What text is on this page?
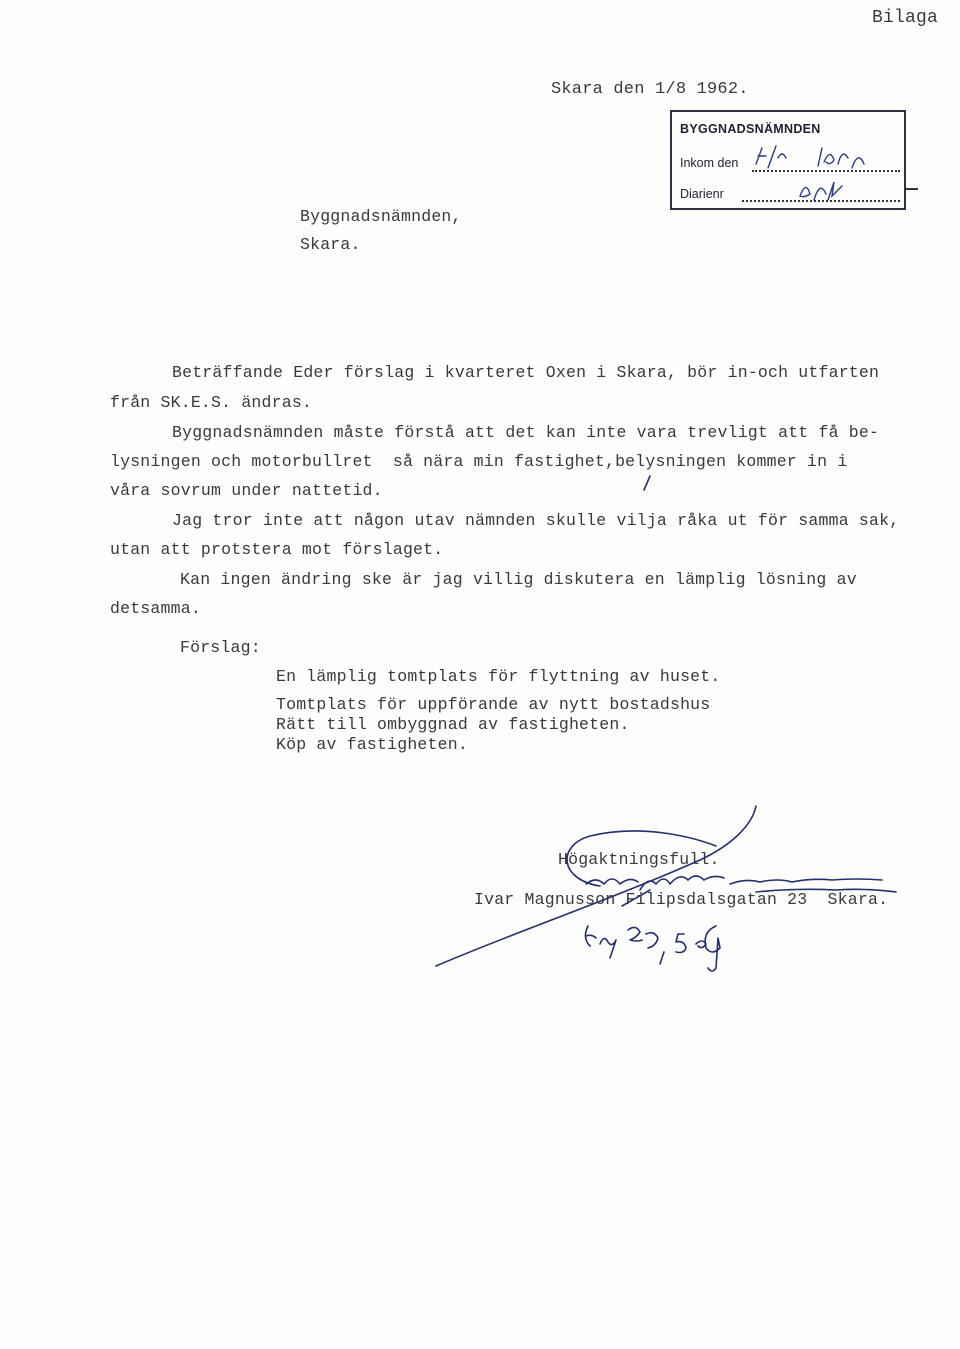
Bilaga
Skara den 1/8 1962.
BYGGNADSNÄMNDEN
Inkom den
Diarienr
Byggnadsnämnden,
Skara.
Beträffande Eder förslag i kvarteret Oxen i Skara, bör in-och utfarten
från SK.E.S. ändras.
Byggnadsnämnden måste förstå att det kan inte vara trevligt att få be-
lysningen och motorbullret  så nära min fastighet,belysningen kommer in i
våra sovrum under nattetid.
Jag tror inte att någon utav nämnden skulle vilja råka ut för samma sak,
utan att protstera mot förslaget.
Kan ingen ändring ske är jag villig diskutera en lämplig lösning av
detsamma.
Förslag:
En lämplig tomtplats för flyttning av huset.
Tomtplats för uppförande av nytt bostadshus
Rätt till ombyggnad av fastigheten.
Köp av fastigheten.
Högaktningsfull.
Ivar Magnusson Filipsdalsgatan 23  Skara.
